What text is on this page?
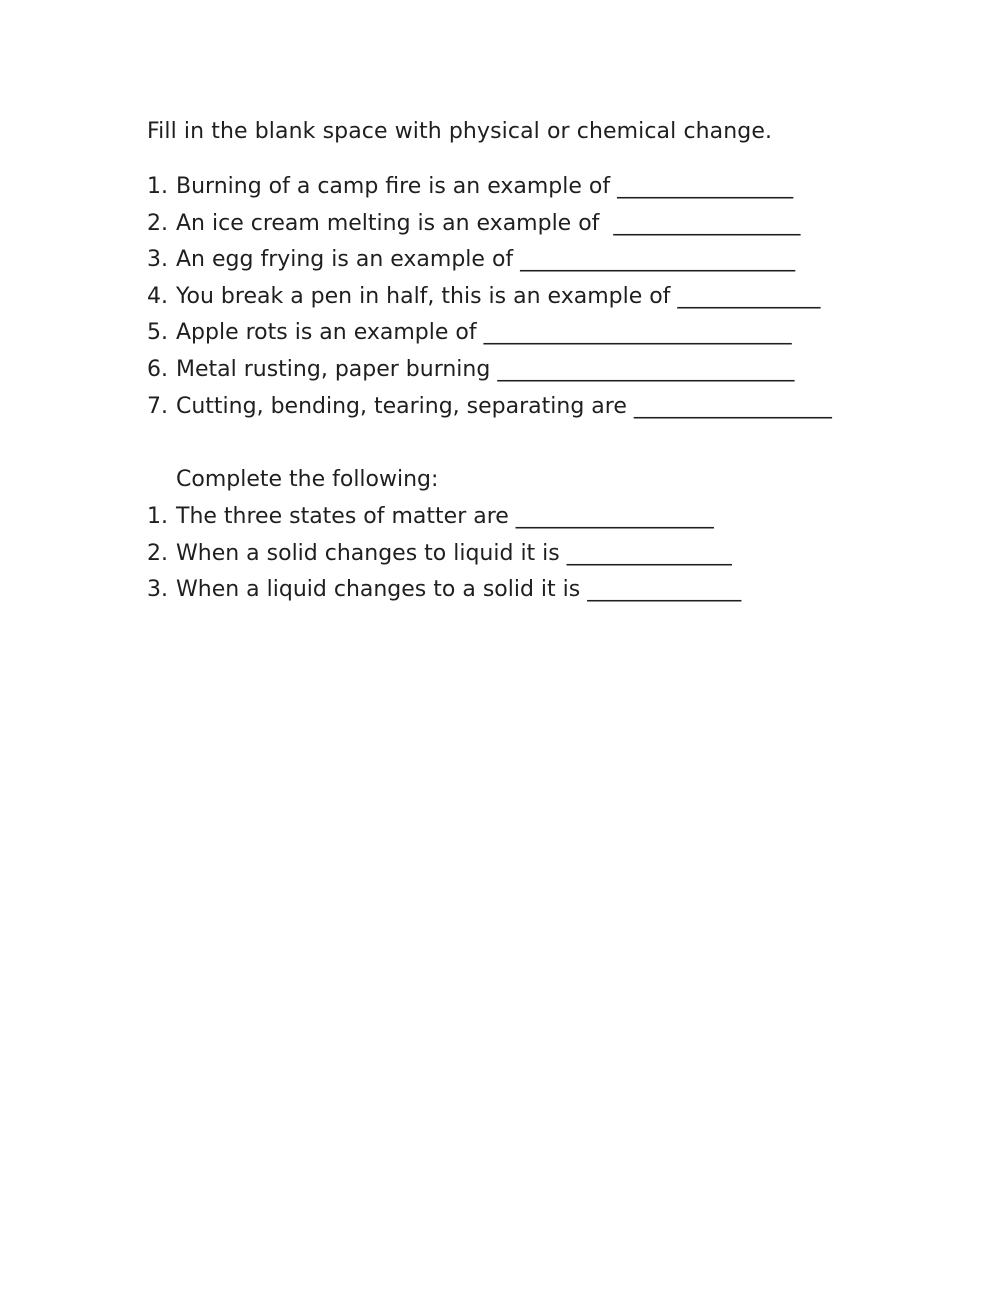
Fill in the blank space with physical or chemical change.

1.

Burning of a camp fire is an example of ________________

2.

An ice cream melting is an example of  _________________

3.

An egg frying is an example of _________________________

4.

You break a pen in half, this is an example of _____________

5.

Apple rots is an example of ____________________________

6.

Metal rusting, paper burning ___________________________

7.

Cutting, bending, tearing, separating are __________________

Complete the following:

1.

The three states of matter are __________________

2.

When a solid changes to liquid it is _______________

3.

When a liquid changes to a solid it is ______________
